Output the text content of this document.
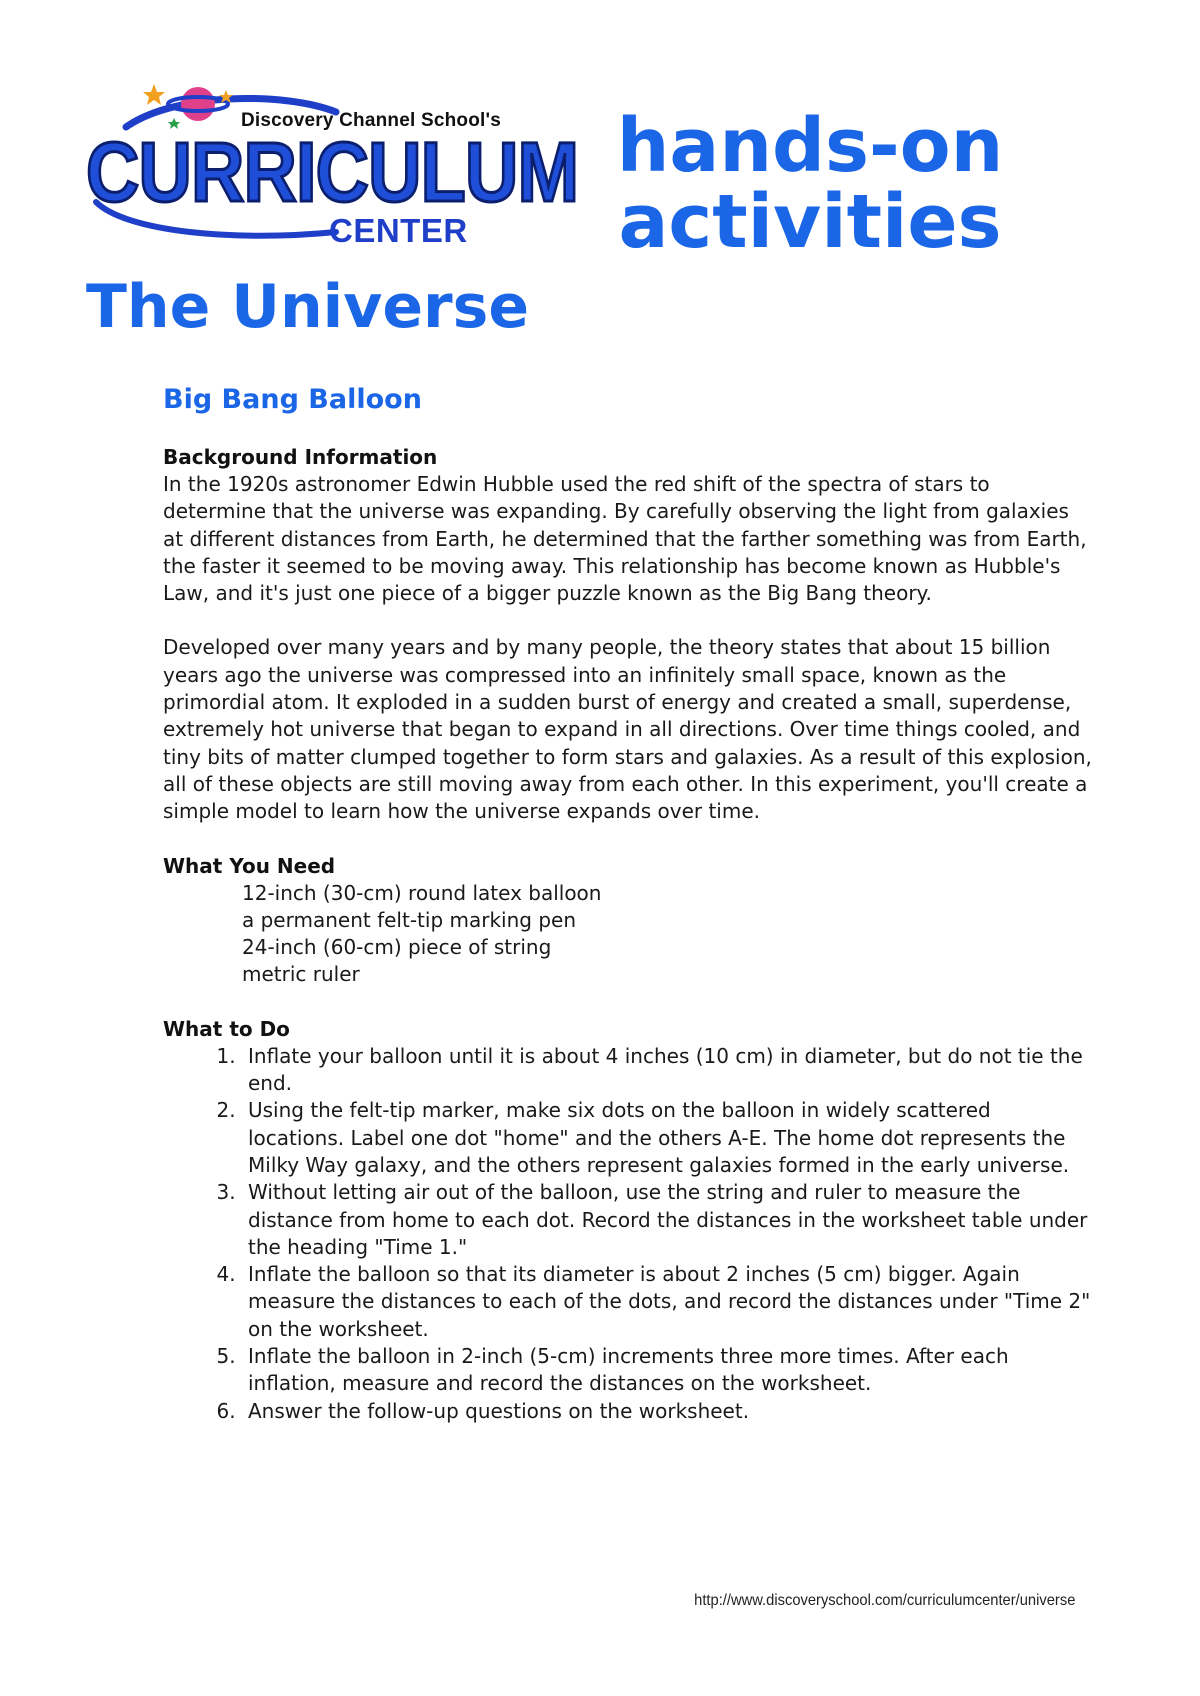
Discovery Channel School's
CURRICULUM
CENTER
hands-on
activities
The Universe
Big Bang Balloon
Background Information

In the 1920s astronomer Edwin Hubble used the red shift of the spectra of stars to determine that the universe was expanding. By carefully observing the light from galaxies at different distances from Earth, he determined that the farther something was from Earth, the faster it seemed to be moving away. This relationship has become known as Hubble's Law, and it's just one piece of a bigger puzzle known as the Big Bang theory.

Developed over many years and by many people, the theory states that about 15 billion years ago the universe was compressed into an infinitely small space, known as the primordial atom. It exploded in a sudden burst of energy and created a small, superdense, extremely hot universe that began to expand in all directions. Over time things cooled, and tiny bits of matter clumped together to form stars and galaxies. As a result of this explosion, all of these objects are still moving away from each other. In this experiment, you'll create a simple model to learn how the universe expands over time.

What You Need
12-inch (30-cm) round latex balloon
a permanent felt-tip marking pen
24-inch (60-cm) piece of string
metric ruler
What to Do
1. Inflate your balloon until it is about 4 inches (10 cm) in diameter, but do not tie the end.
2. Using the felt-tip marker, make six dots on the balloon in widely scattered locations. Label one dot "home" and the others A-E. The home dot represents the Milky Way galaxy, and the others represent galaxies formed in the early universe.
3. Without letting air out of the balloon, use the string and ruler to measure the distance from home to each dot. Record the distances in the worksheet table under the heading "Time 1."
4. Inflate the balloon so that its diameter is about 2 inches (5 cm) bigger. Again measure the distances to each of the dots, and record the distances under "Time 2" on the worksheet.
5. Inflate the balloon in 2-inch (5-cm) increments three more times. After each inflation, measure and record the distances on the worksheet.
6. Answer the follow-up questions on the worksheet.
http://www.discoveryschool.com/curriculumcenter/universe
